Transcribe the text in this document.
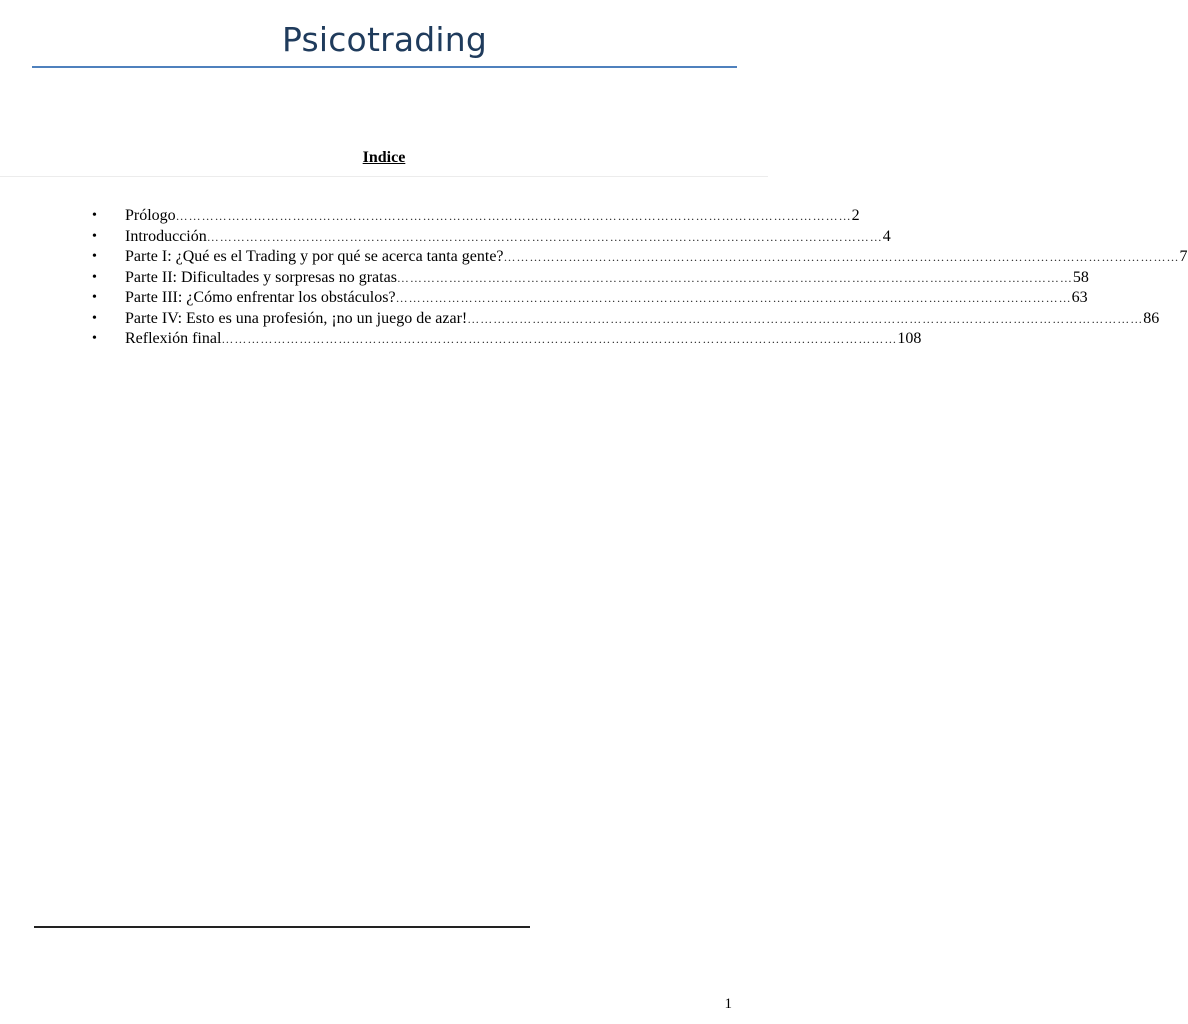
Psicotrading
Indice
•	Prólogo ………………………………………………………………………………………………………………………………………… 2
•	Introducción ………………………………………………………………………………………………………………………………………… 4
•	Parte I: ¿Qué es el Trading y por qué se acerca tanta gente? ………………………………………………………………………………………………………………………………………… 7
•	Parte II: Dificultades y sorpresas no gratas ………………………………………………………………………………………………………………………………………… 58
•	Parte III: ¿Cómo enfrentar los obstáculos? ………………………………………………………………………………………………………………………………………… 63
•	Parte IV: Esto es una profesión, ¡no un juego de azar! ………………………………………………………………………………………………………………………………………… 86
•	Reflexión final ………………………………………………………………………………………………………………………………………… 108
1
